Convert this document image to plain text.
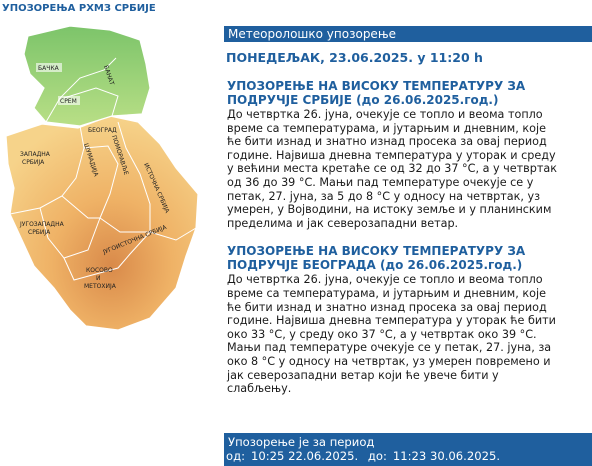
УПОЗОРЕЊА РХМЗ СРБИЈЕ
БАЧКА	БАНАТ
СРЕМ
БЕОГРАД
ЗАПАДНА
СРБИЈА	ШУМАДИЈА ПОМОРАВЉЕ
ИСТОЧНА СРБИЈА
ЈУГОЗАПАДНА
СРБИЈА	ЈУГОИСТОЧНА СРБИЈА
КОСОВО
И
МЕТОХИЈА
Метеоролошко упозорење
ПОНЕДЕЉАК, 23.06.2025. у 11:20 h
УПОЗОРЕЊЕ НА ВИСОКУ ТЕМПЕРАТУРУ ЗА
ПОДРУЧЈЕ СРБИЈЕ (до 26.06.2025.год.)
До четвртка 26. јуна, очекује се топло и веома топло
време са температурама, и јутарњим и дневним, које
ће бити изнад и знатно изнад просека за овај период
године. Највиша дневна температура у уторак и среду
у већини места кретаће се од 32 до 37 °C, а у четвртак
од 36 до 39 °C. Мањи пад температуре очекује се у
петак, 27. јуна, за 5 до 8 °C у односу на четвртак, уз
умерен, у Војводини, на истоку земље и у планинским
пределима и јак северозападни ветар.
УПОЗОРЕЊЕ НА ВИСОКУ ТЕМПЕРАТУРУ ЗА
ПОДРУЧЈЕ БЕОГРАДА (до 26.06.2025.год.)
До четвртка 26. јуна, очекује се топло и веома топло
време са температурама, и јутарњим и дневним, које
ће бити изнад и знатно изнад просека за овај период
године. Највиша дневна температура у уторак ће бити
око 33 °C, у среду око 37 °C, а у четвртак око 39 °C.
Мањи пад температуре очекује се у петак, 27. јуна, за
око 8 °C у односу на четвртак, уз умерен повремено и
јак северозападни ветар који ће увече бити у
слабљењу.
Упозорење је за период
од: 10:25 22.06.2025. до: 11:23 30.06.2025.
